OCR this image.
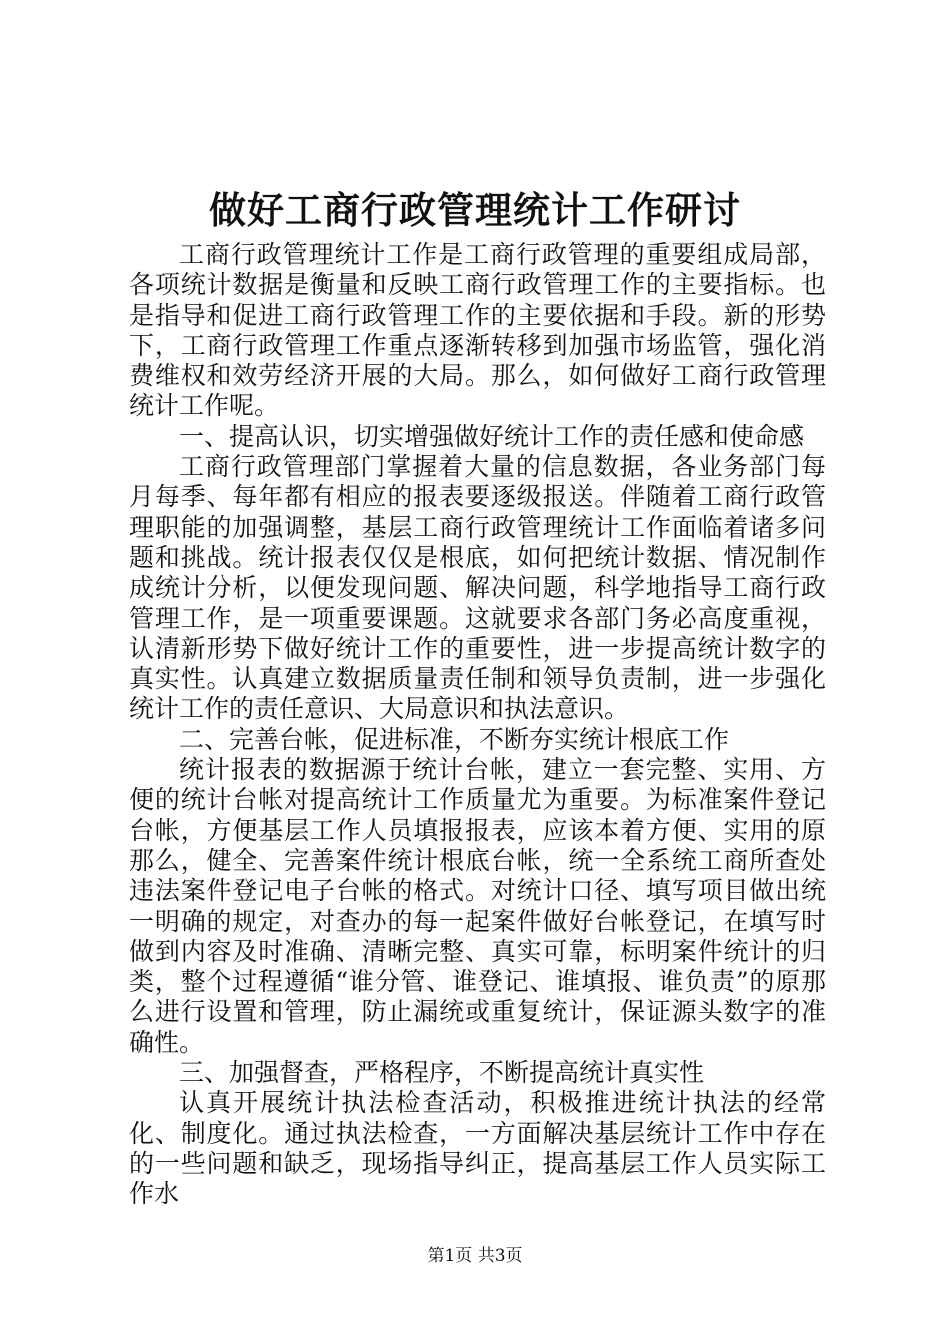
做好工商行政管理统计工作研讨

工商行政管理统计工作是工商行政管理的重要组成局部，各项统计数据是衡量和反映工商行政管理工作的主要指标。也是指导和促进工商行政管理工作的主要依据和手段。新的形势下，工商行政管理工作重点逐渐转移到加强市场监管，强化消费维权和效劳经济开展的大局。那么，如何做好工商行政管理统计工作呢。

一、提高认识，切实增强做好统计工作的责任感和使命感

工商行政管理部门掌握着大量的信息数据，各业务部门每月每季、每年都有相应的报表要逐级报送。伴随着工商行政管理职能的加强调整，基层工商行政管理统计工作面临着诸多问题和挑战。统计报表仅仅是根底，如何把统计数据、情况制作成统计分析，以便发现问题、解决问题，科学地指导工商行政管理工作，是一项重要课题。这就要求各部门务必高度重视，认清新形势下做好统计工作的重要性，进一步提高统计数字的真实性。认真建立数据质量责任制和领导负责制，进一步强化统计工作的责任意识、大局意识和执法意识。

二、完善台帐，促进标准，不断夯实统计根底工作

统计报表的数据源于统计台帐，建立一套完整、实用、方便的统计台帐对提高统计工作质量尤为重要。为标准案件登记台帐，方便基层工作人员填报报表，应该本着方便、实用的原那么，健全、完善案件统计根底台帐，统一全系统工商所查处违法案件登记电子台帐的格式。对统计口径、填写项目做出统一明确的规定，对查办的每一起案件做好台帐登记，在填写时做到内容及时准确、清晰完整、真实可靠，标明案件统计的归类，整个过程遵循“谁分管、谁登记、谁填报、谁负责”的原那么进行设置和管理，防止漏统或重复统计，保证源头数字的准确性。

三、加强督查，严格程序，不断提高统计真实性

认真开展统计执法检查活动，积极推进统计执法的经常化、制度化。通过执法检查，一方面解决基层统计工作中存在的一些问题和缺乏，现场指导纠正，提高基层工作人员实际工作水

第1页 共3页
